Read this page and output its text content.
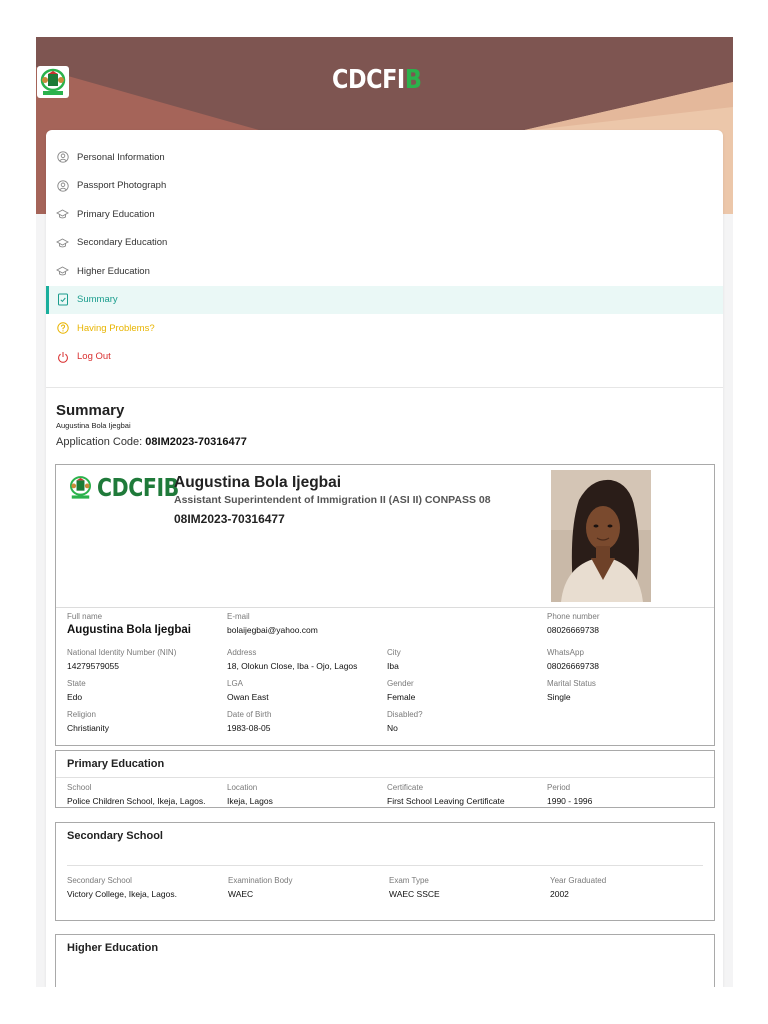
CDCFIB
Personal Information
Passport Photograph
Primary Education
Secondary Education
Higher Education
Summary
Having Problems?
Log Out
Summary
Augustina Bola Ijegbai
Application Code: 08IM2023-70316477
CDCFIB
Augustina Bola Ijegbai
Assistant Superintendent of Immigration II (ASI II) CONPASS 08
08IM2023-70316477
Full name
Augustina Bola Ijegbai
E-mail
bolaijegbai@yahoo.com
Phone number
08026669738
National Identity Number (NIN)
14279579055
Address
18, Olokun Close, Iba - Ojo, Lagos
City
Iba
WhatsApp
08026669738
State
Edo
LGA
Owan East
Gender
Female
Marital Status
Single
Religion
Christianity
Date of Birth
1983-08-05
Disabled?
No
Primary Education
School
Police Children School, Ikeja, Lagos.
Location
Ikeja, Lagos
Certificate
First School Leaving Certificate
Period
1990 - 1996
Secondary School
Secondary School
Victory College, Ikeja, Lagos.
Examination Body
WAEC
Exam Type
WAEC SSCE
Year Graduated
2002
Higher Education
